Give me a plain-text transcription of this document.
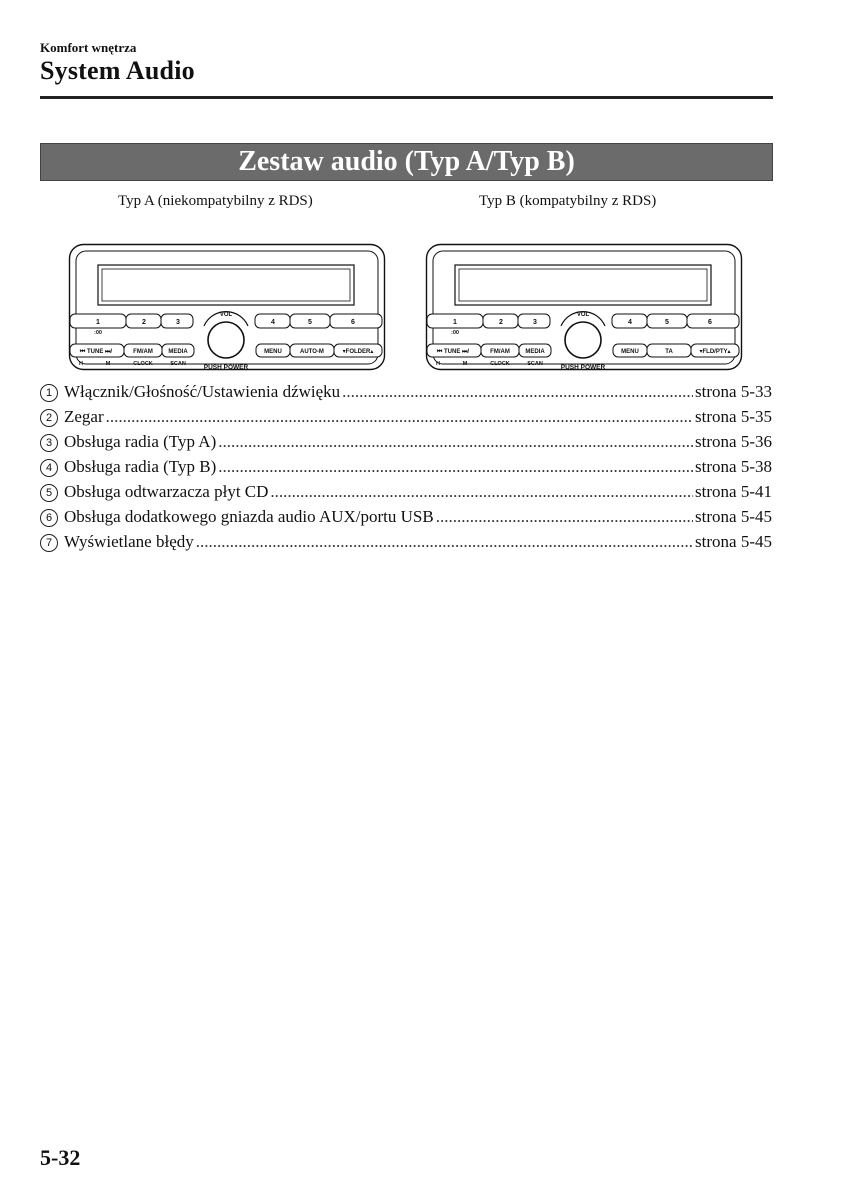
Komfort wnętrza
System Audio
Zestaw audio (Typ A/Typ B)
Typ A (niekompatybilny z RDS)	Typ B (kompatybilny z RDS)
1	2	3	4	5	6
:00
VOL
PUSH POWER
⏮ TUNE ⏭/	FM/AM	MEDIA	MENU	AUTO-M	▾FOLDER▴
H	M	CLOCK	SCAN
1	2	3	4	5	6
:00
VOL
PUSH POWER
⏮ TUNE ⏭/	FM/AM	MEDIA	MENU	TA	▾FLD/PTY▴
H	M	CLOCK	SCAN
1 Włącznik/Głośność/Ustawienia dźwięku .....	strona 5-33
2 Zegar .....	strona 5-35
3 Obsługa radia (Typ A) .....	strona 5-36
4 Obsługa radia (Typ B) .....	strona 5-38
5 Obsługa odtwarzacza płyt CD .....	strona 5-41
6 Obsługa dodatkowego gniazda audio AUX/portu USB .....	strona 5-45
7 Wyświetlane błędy .....	strona 5-45
5-32
